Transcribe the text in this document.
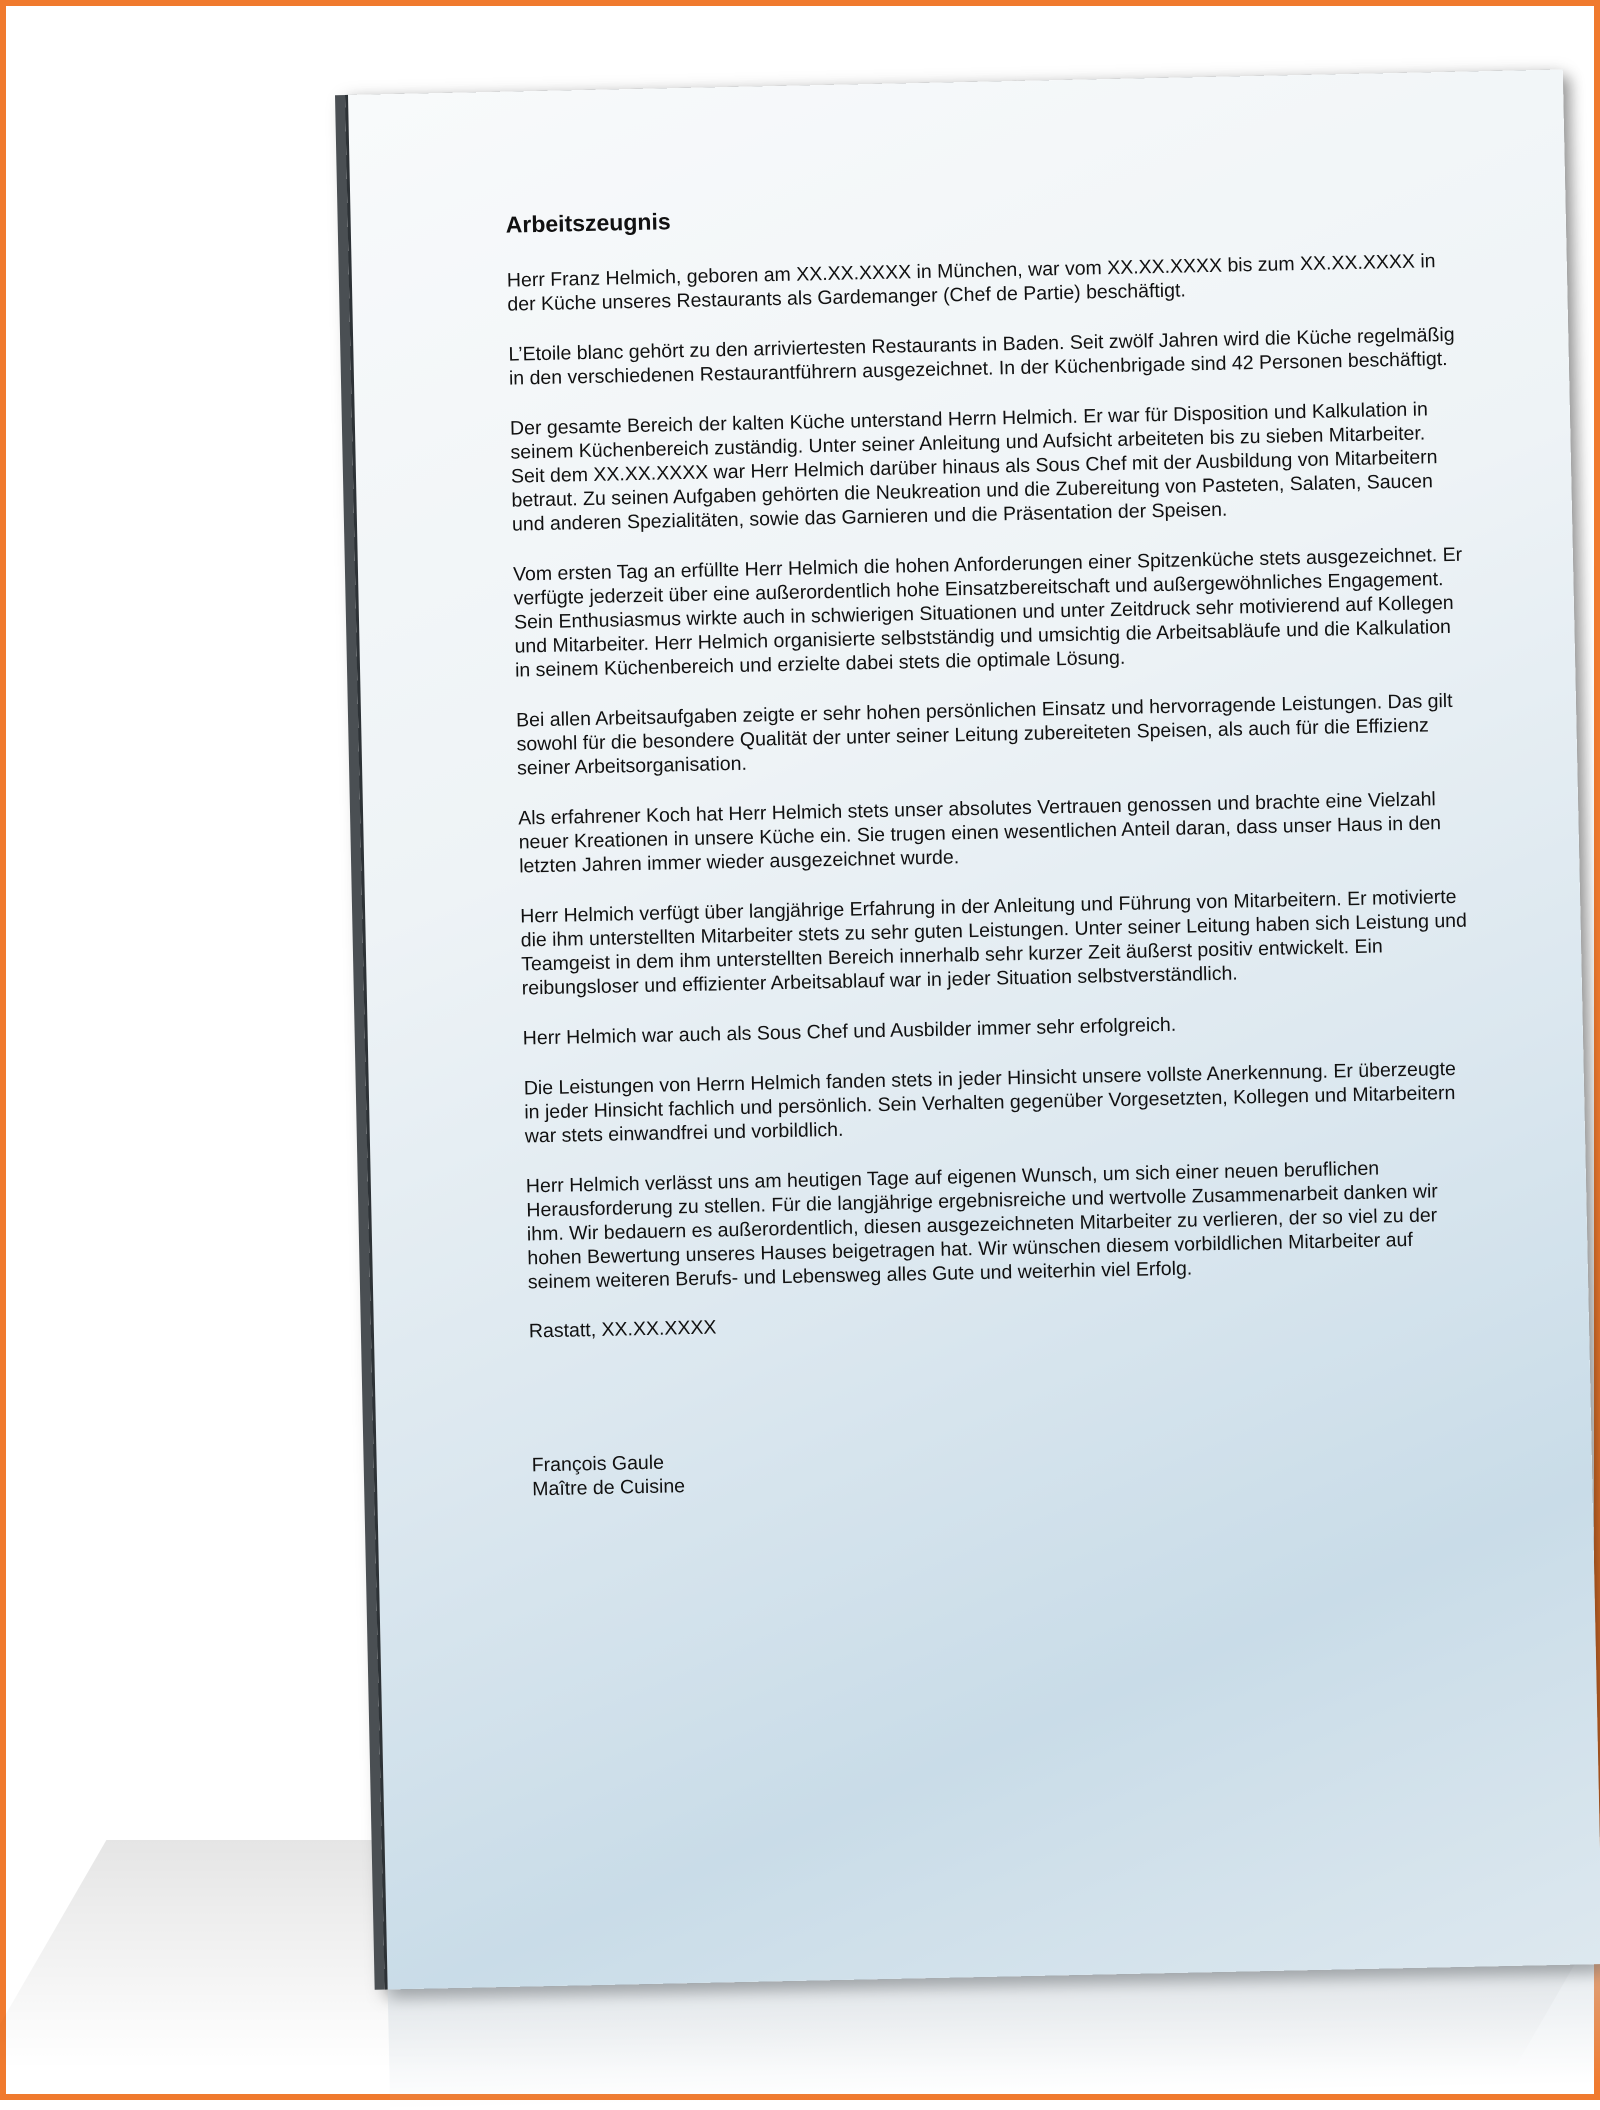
Arbeitszeugnis

Herr Franz Helmich, geboren am XX.XX.XXXX in München, war vom XX.XX.XXXX bis zum XX.XX.XXXX in der Küche unseres Restaurants als Gardemanger (Chef de Partie) beschäftigt.

L’Etoile blanc gehört zu den arriviertesten Restaurants in Baden. Seit zwölf Jahren wird die Küche regelmäßig in den verschiedenen Restaurantführern ausgezeichnet. In der Küchenbrigade sind 42 Personen beschäftigt.

Der gesamte Bereich der kalten Küche unterstand Herrn Helmich. Er war für Disposition und Kalkulation in seinem Küchenbereich zuständig. Unter seiner Anleitung und Aufsicht arbeiteten bis zu sieben Mitarbeiter. Seit dem XX.XX.XXXX war Herr Helmich darüber hinaus als Sous Chef mit der Ausbildung von Mitarbeitern betraut. Zu seinen Aufgaben gehörten die Neukreation und die Zubereitung von Pasteten, Salaten, Saucen und anderen Spezialitäten, sowie das Garnieren und die Präsentation der Speisen.

Vom ersten Tag an erfüllte Herr Helmich die hohen Anforderungen einer Spitzenküche stets ausgezeichnet. Er verfügte jederzeit über eine außerordentlich hohe Einsatzbereitschaft und außergewöhnliches Engagement. Sein Enthusiasmus wirkte auch in schwierigen Situationen und unter Zeitdruck sehr motivierend auf Kollegen und Mitarbeiter. Herr Helmich organisierte selbstständig und umsichtig die Arbeitsabläufe und die Kalkulation in seinem Küchenbereich und erzielte dabei stets die optimale Lösung.

Bei allen Arbeitsaufgaben zeigte er sehr hohen persönlichen Einsatz und hervorragende Leistungen. Das gilt sowohl für die besondere Qualität der unter seiner Leitung zubereiteten Speisen, als auch für die Effizienz seiner Arbeitsorganisation.

Als erfahrener Koch hat Herr Helmich stets unser absolutes Vertrauen genossen und brachte eine Vielzahl neuer Kreationen in unsere Küche ein. Sie trugen einen wesentlichen Anteil daran, dass unser Haus in den letzten Jahren immer wieder ausgezeichnet wurde.

Herr Helmich verfügt über langjährige Erfahrung in der Anleitung und Führung von Mitarbeitern. Er motivierte die ihm unterstellten Mitarbeiter stets zu sehr guten Leistungen. Unter seiner Leitung haben sich Leistung und Teamgeist in dem ihm unterstellten Bereich innerhalb sehr kurzer Zeit äußerst positiv entwickelt. Ein reibungsloser und effizienter Arbeitsablauf war in jeder Situation selbstverständlich.

Herr Helmich war auch als Sous Chef und Ausbilder immer sehr erfolgreich.

Die Leistungen von Herrn Helmich fanden stets in jeder Hinsicht unsere vollste Anerkennung. Er überzeugte in jeder Hinsicht fachlich und persönlich. Sein Verhalten gegenüber Vorgesetzten, Kollegen und Mitarbeitern war stets einwandfrei und vorbildlich.

Herr Helmich verlässt uns am heutigen Tage auf eigenen Wunsch, um sich einer neuen beruflichen Herausforderung zu stellen. Für die langjährige ergebnisreiche und wertvolle Zusammenarbeit danken wir ihm. Wir bedauern es außerordentlich, diesen ausgezeichneten Mitarbeiter zu verlieren, der so viel zu der hohen Bewertung unseres Hauses beigetragen hat. Wir wünschen diesem vorbildlichen Mitarbeiter auf seinem weiteren Berufs- und Lebensweg alles Gute und weiterhin viel Erfolg.

Rastatt, XX.XX.XXXX
François Gaule
Maître de Cuisine
